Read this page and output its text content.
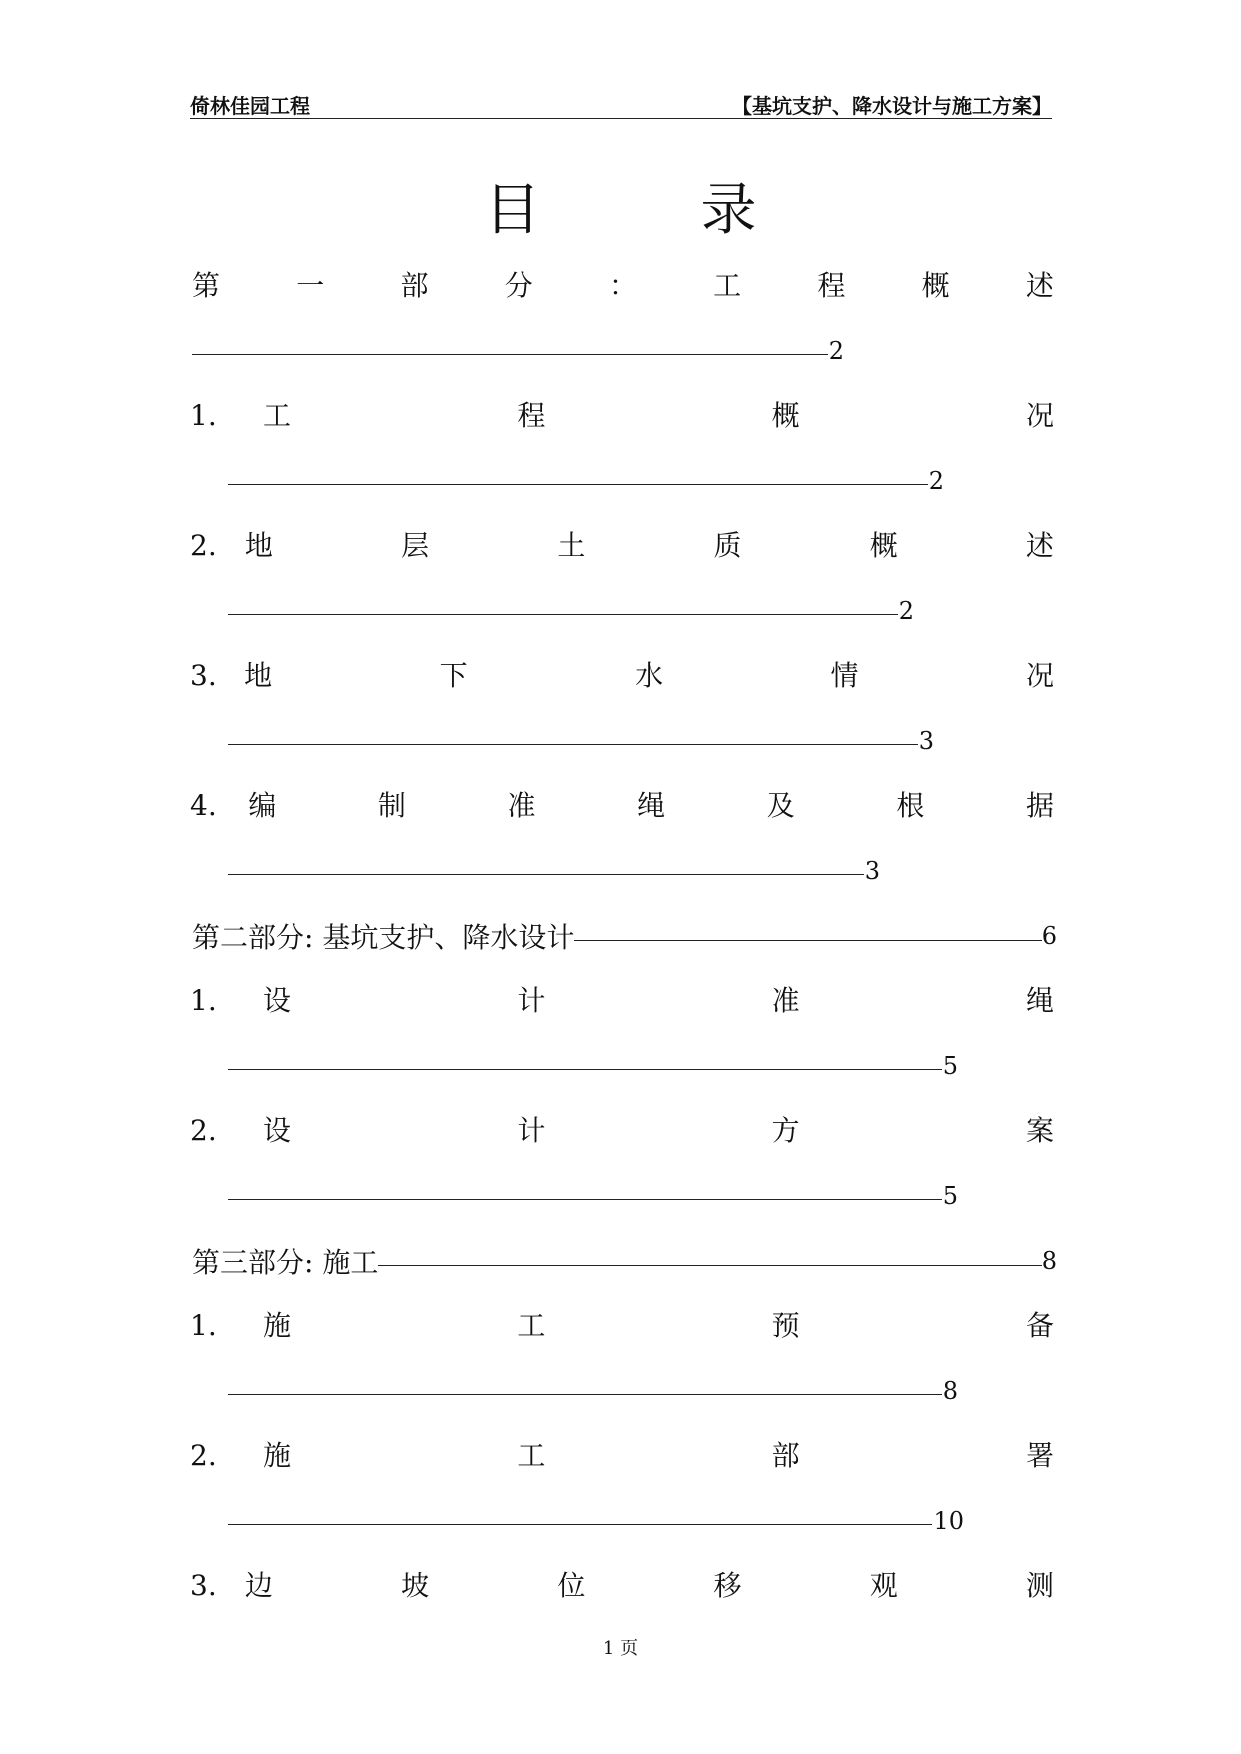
倚林佳园工程	【基坑支护、降水设计与施工方案】
目录
第	一	部	分	：	工	程	概	述
2
1. 工	程	概	况
2
2. 地	层	土	质	概	述
2
3. 地	下	水	情	况
3
4. 编	制	准	绳	及	根	据
3
第二部分: 基坑支护、降水设计	6
1. 设	计	准	绳
5
2. 设	计	方	案
5
第三部分: 施工	8
1. 施	工	预	备
8
2. 施	工	部	署
10
3. 边	坡	位	移	观	测
1 页
